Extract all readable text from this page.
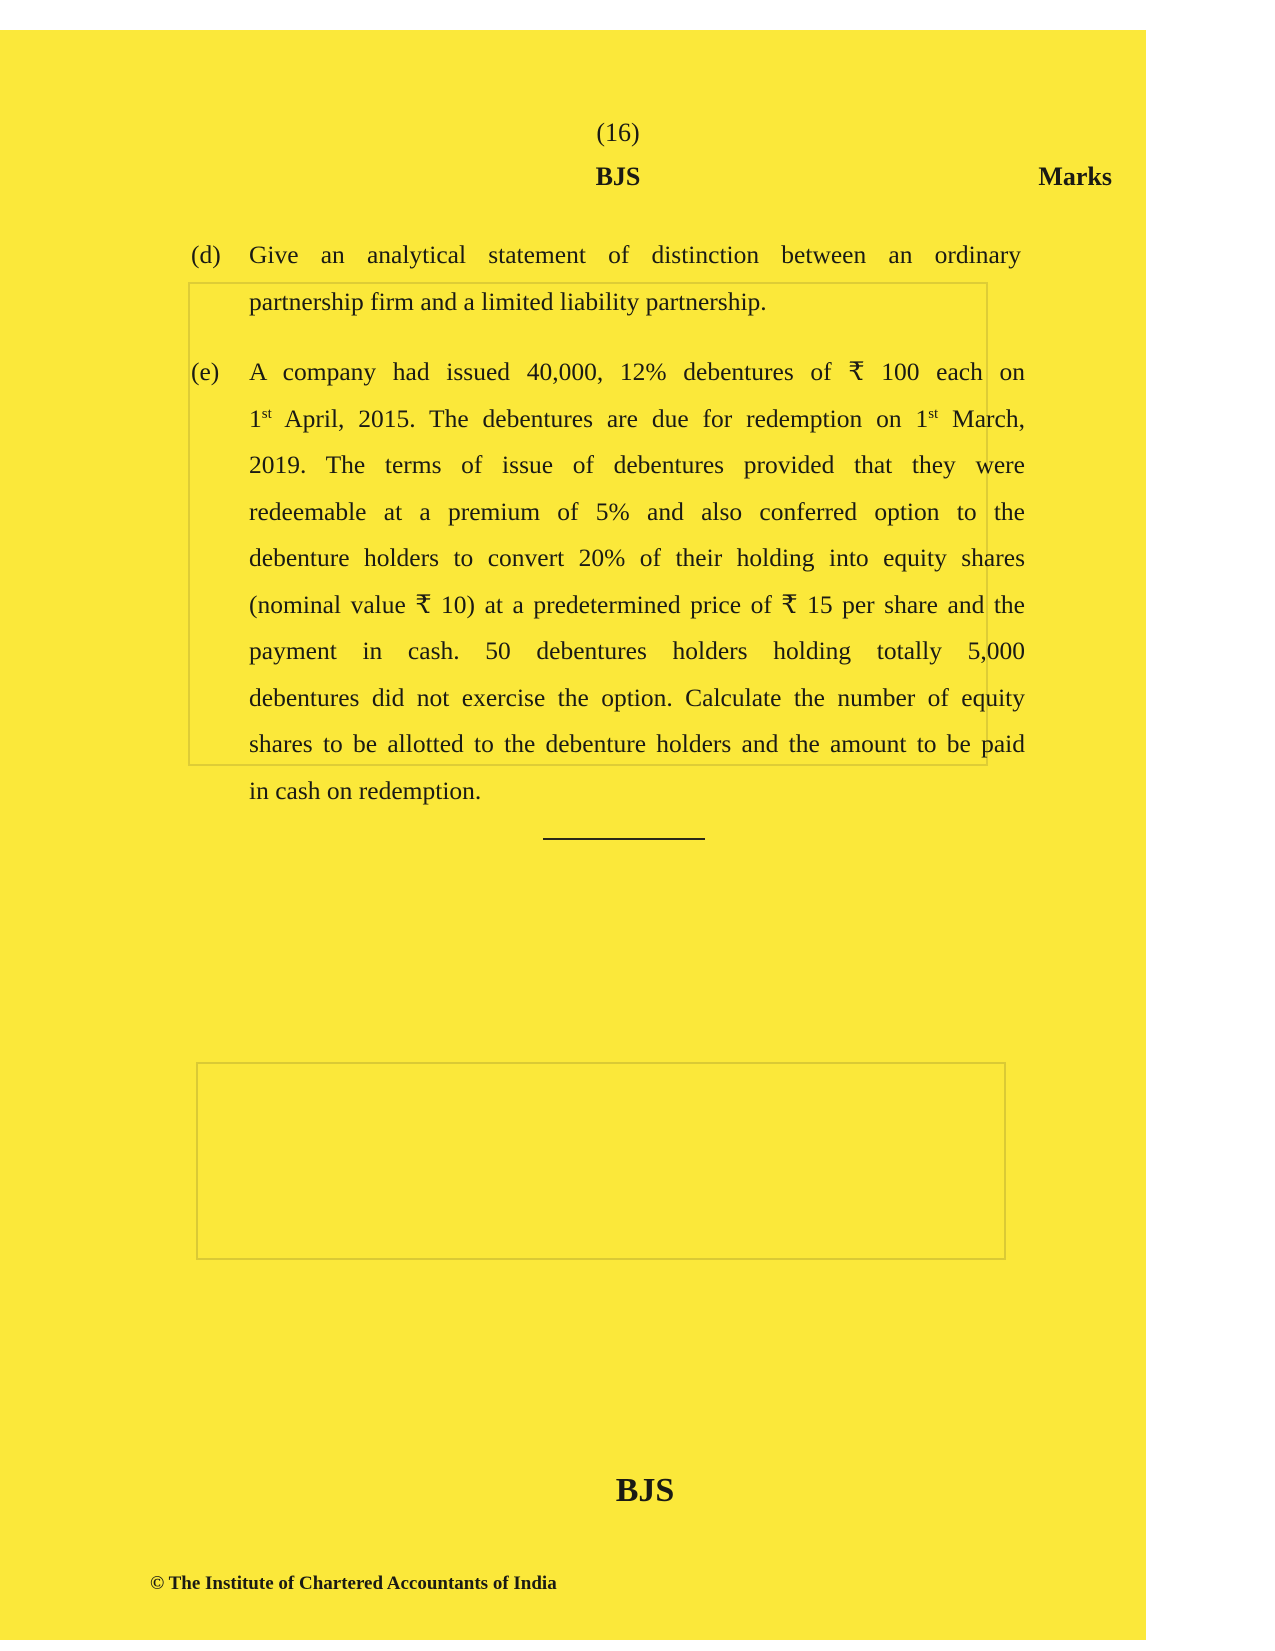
(16)
BJS	Marks
(d) Give an analytical statement of distinction between an ordinary
partnership firm and a limited liability partnership.
(e) A company had issued 40,000, 12% debentures of ₹ 100 each on
1st April, 2015. The debentures are due for redemption on 1st March,
2019. The terms of issue of debentures provided that they were
redeemable at a premium of 5% and also conferred option to the
debenture holders to convert 20% of their holding into equity shares
(nominal value ₹ 10) at a predetermined price of ₹ 15 per share and the
payment in cash. 50 debentures holders holding totally 5,000
debentures did not exercise the option. Calculate the number of equity
shares to be allotted to the debenture holders and the amount to be paid
in cash on redemption.
BJS
© The Institute of Chartered Accountants of India
